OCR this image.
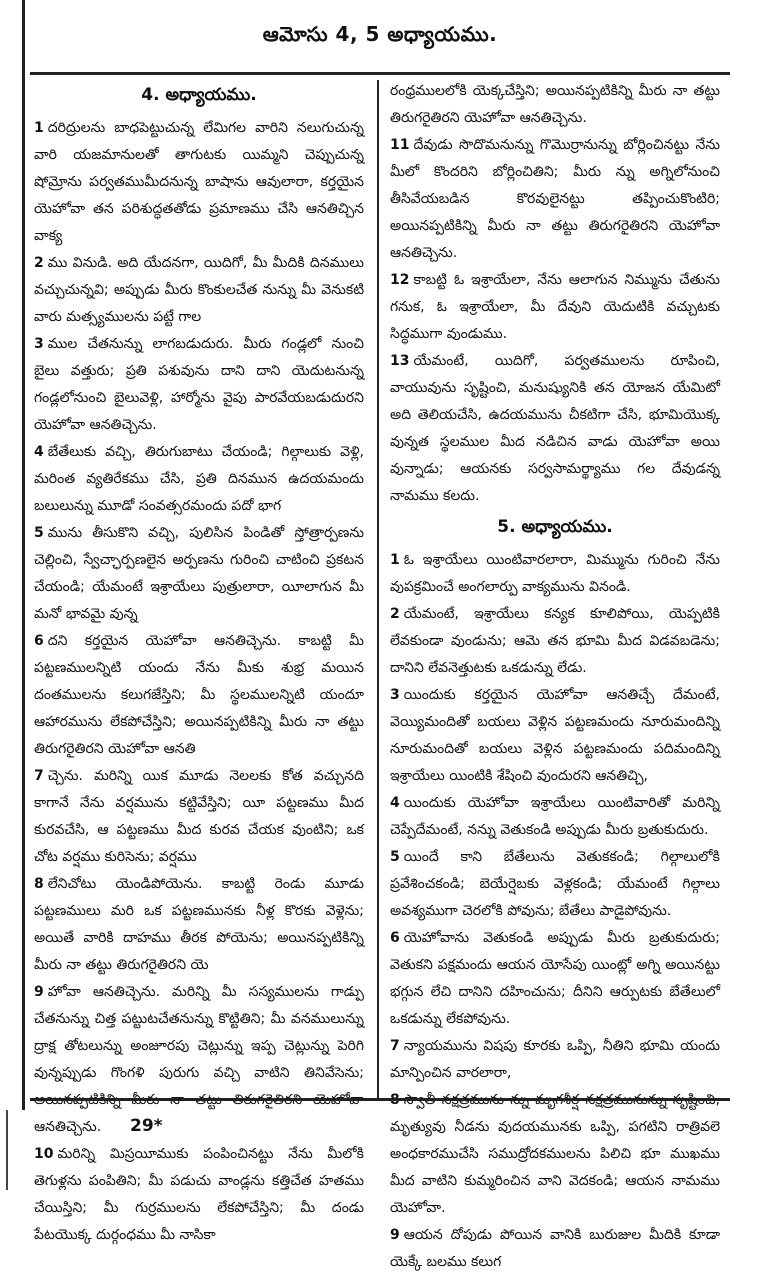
ఆమోసు 4, 5 అధ్యాయము.
4. అధ్యాయము.

1 దరిద్రులను బాధపెట్టుచున్న లేమిగల వారిని నలుగుచున్న వారి యజమానులతో తాగుటకు యిమ్మని చెప్పుచున్న షోమ్రోను పర్వతముమీదనున్న బాషాను ఆవులారా, కర్తయైన యెహోవా తన పరిశుద్ధతతోడు ప్రమాణము చేసి ఆనతిచ్చిన వాక్య

2 ము వినుడి. అది యేదనగా, యిదిగో, మీ మీదికి దినములు వచ్చుచున్నవి; అప్పుడు మీరు కొంకులచేత నున్ను మీ వెనుకటి వారు మత్స్యములను పట్టే గాల

3 ముల చేతనున్ను లాగబడుదురు. మీరు గండ్లలో నుంచి బైలు వత్తురు; ప్రతి పశువును దాని దాని యెదుటనున్న గండ్లలోనుంచి బైలువెళ్లి, హార్మోను వైపు పారవేయబడుదురని యెహోవా ఆనతిచ్చెను.

4 బేతేలుకు వచ్చి, తిరుగుబాటు చేయండి; గిల్గాలుకు వెళ్లి, మరింత వ్యతిరేకము చేసి, ప్రతి దినమున ఉదయమందు బలులున్ను మూడో సంవత్సరమందు పదో భాగ

5 మును తీసుకొని వచ్చి, పులిసిన పిండితో స్తోత్రార్పణను చెల్లించి, స్వేచ్ఛార్పణలైన అర్పణను గురించి చాటించి ప్రకటన చేయండి; యేమంటే ఇశ్రాయేలు పుత్రులారా, యీలాగున మీ మనో భావమై వున్న

6 దని కర్తయైన యెహోవా ఆనతిచ్చెను. కాబట్టి మీ పట్టణములన్నిటి యందు నేను మీకు శుభ్ర మయిన దంతములను కలుగజేస్తిని; మీ స్థలములన్నిటి యందూ ఆహారమును లేకపోచేస్తిని; అయినప్పటికిన్ని మీరు నా తట్టు తిరుగరైతిరని యెహోవా ఆనతి

7 చ్చెను. మరిన్ని యిక మూడు నెలలకు కోత వచ్చునది కాగానే నేను వర్షమును కట్టివేస్తిని; యీ పట్టణము మీద కురవచేసి, ఆ పట్టణము మీద కురవ చేయక వుంటిని; ఒక చోట వర్షము కురిసెను; వర్షము

8 లేనిచోటు యెండిపోయెను. కాబట్టి రెండు మూడు పట్టణములు మరి ఒక పట్టణమునకు నీళ్ల కొరకు వెళ్లెను; అయితే వారికి దాహము తీరక పోయెను; అయినప్పటికిన్ని మీరు నా తట్టు తిరుగరైతిరని యె

9 హోవా ఆనతిచ్చెను. మరిన్ని మీ సస్యములను గాడ్పు చేతనున్ను చిత్త పట్టుటచేతనున్ను కొట్టితిని; మీ వనములున్ను ద్రాక్ష తోటలున్ను అంజూరపు చెట్లున్ను ఇప్ప చెట్లున్ను పెరిగి వున్నప్పుడు గొంగళి పురుగు వచ్చి వాటిని తినివేసెను; ఆనతిచ్చెను.

10 మరిన్ని మిస్రయీముకు పంపించినట్టు నేను మీలోకి తెగుళ్లను పంపితిని; మీ పడుచు వాండ్లను కత్తిచేత హతము చేయిస్తిని; మీ గుర్రములను లేకపోచేస్తిని; మీ దండు పేటయొక్క దుర్గంధము మీ నాసికా

రంధ్రములలోకి యెక్కచేస్తిని; అయినప్పటికిన్ని మీరు నా తట్టు తిరుగరైతిరని యెహోవా ఆనతిచ్చెను.

11 దేవుడు సొదొమనున్ను గొమొర్రానున్ను బోర్లించినట్టు నేను మీలో కొందరిని బోర్లించితిని; మీరు న్ను అగ్నిలోనుంచి తీసివేయబడిన కొరవులైనట్టు తప్పించుకొంటిరి; అయినప్పటికిన్ని మీరు నా తట్టు తిరుగరైతిరని యెహోవా ఆనతిచ్చెను.

12 కాబట్టి ఓ ఇశ్రాయేలా, నేను ఆలాగున నిమ్మును చేతును గనుక, ఓ ఇశ్రాయేలా, మీ దేవుని యెదుటికి వచ్చుటకు సిద్ధముగా వుండుము.

13 యేమంటే, యిదిగో, పర్వతములను రూపించి, వాయువును సృష్టించి, మనుష్యునికి తన యోజన యేమిటో అది తెలియచేసి, ఉదయమును చీకటిగా చేసి, భూమియొక్క వున్నత స్థలముల మీద నడిచిన వాడు యెహోవా అయి వున్నాడు; ఆయనకు సర్వసామర్థ్యాము గల దేవుడన్న నామము కలదు.

5. అధ్యాయము.

1 ఓ ఇశ్రాయేలు యింటివారలారా, మిమ్మును గురించి నేను వుపక్రమించే అంగలార్పు వాక్యమును వినండి.

2 యేమంటే, ఇశ్రాయేలు కన్యక కూలిపోయి, యెప్పటికి లేవకుండా వుండును; ఆమె తన భూమి మీద విడవబడెను; దానిని లేవనెత్తుటకు ఒకడున్ను లేడు.

3 యిందుకు కర్తయైన యెహోవా ఆనతిచ్చే దేమంటే, వెయ్యిమందితో బయలు వెళ్లిన పట్టణమందు నూరుమందిన్ని నూరుమందితో బయలు వెళ్లిన పట్టణమందు పదిమందిన్ని ఇశ్రాయేలు యింటికి శేషించి వుందురని ఆనతిచ్చి,

4 యిందుకు యెహోవా ఇశ్రాయేలు యింటివారితో మరిన్ని చెప్పేదేమంటే, నన్ను వెతుకండి అప్పుడు మీరు బ్రతుకుదురు.

5 యిందే కాని బేతేలును వెతుకకండి; గిల్గాలులోకి ప్రవేశించకండి; బెయేర్షెబకు వెళ్లకండి; యేమంటే గిల్గాలు అవశ్యముగా చెరలోకి పోవును; బేతేలు పాడైపోవును.

6 యెహోవాను వెతుకండి అప్పుడు మీరు బ్రతుకుదురు; వెతుకని పక్షమందు ఆయన యోసేపు యింట్లో అగ్ని అయినట్టు భగ్గున లేచి దానిని దహించును; దీనిని ఆర్పుటకు బేతేలులో ఒకడున్ను లేకపోవును.

7 న్యాయమును విషపు కూరకు ఒప్పి, నీతిని భూమి యందు మాన్పించిన వారలారా,

మృత్యువు నీడను వుదయమునకు ఒప్పి, పగటిని రాత్రివలె అంధకారముచేసి సముద్రోదకములను పిలిచి భూ ముఖము మీద వాటిని కుమ్మరించిన వాని వెదకండి; ఆయన నామము యెహోవా.

9 ఆయన దోపుడు పోయిన వానికి బురుజుల మీదికి కూడా యెక్కే బలము కలుగ

29*
